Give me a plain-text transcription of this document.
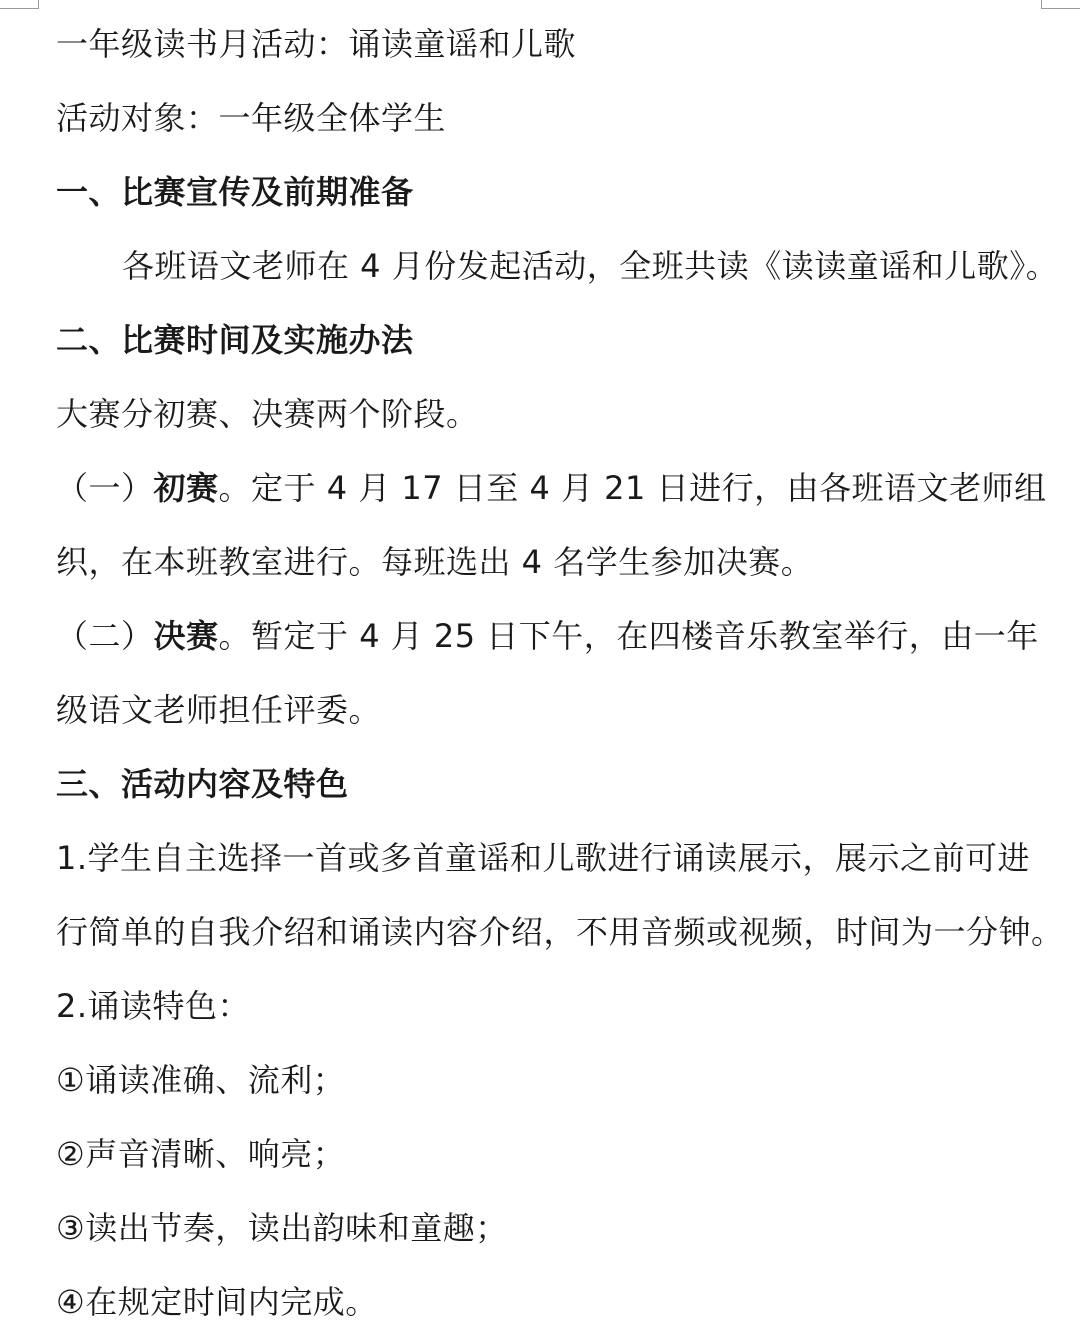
一年级读书月活动：诵读童谣和儿歌
活动对象：一年级全体学生
一、比赛宣传及前期准备
各班语文老师在 4 月份发起活动，全班共读《读读童谣和儿歌》。
二、比赛时间及实施办法
大赛分初赛、决赛两个阶段。
（一）初赛。定于 4 月 17 日至 4 月 21 日进行，由各班语文老师组
织，在本班教室进行。每班选出 4 名学生参加决赛。
（二）决赛。暂定于 4 月 25 日下午，在四楼音乐教室举行，由一年
级语文老师担任评委。
三、活动内容及特色
1.学生自主选择一首或多首童谣和儿歌进行诵读展示，展示之前可进
行简单的自我介绍和诵读内容介绍，不用音频或视频，时间为一分钟。
2.诵读特色：
①诵读准确、流利；
②声音清晰、响亮；
③读出节奏，读出韵味和童趣；
④在规定时间内完成。
